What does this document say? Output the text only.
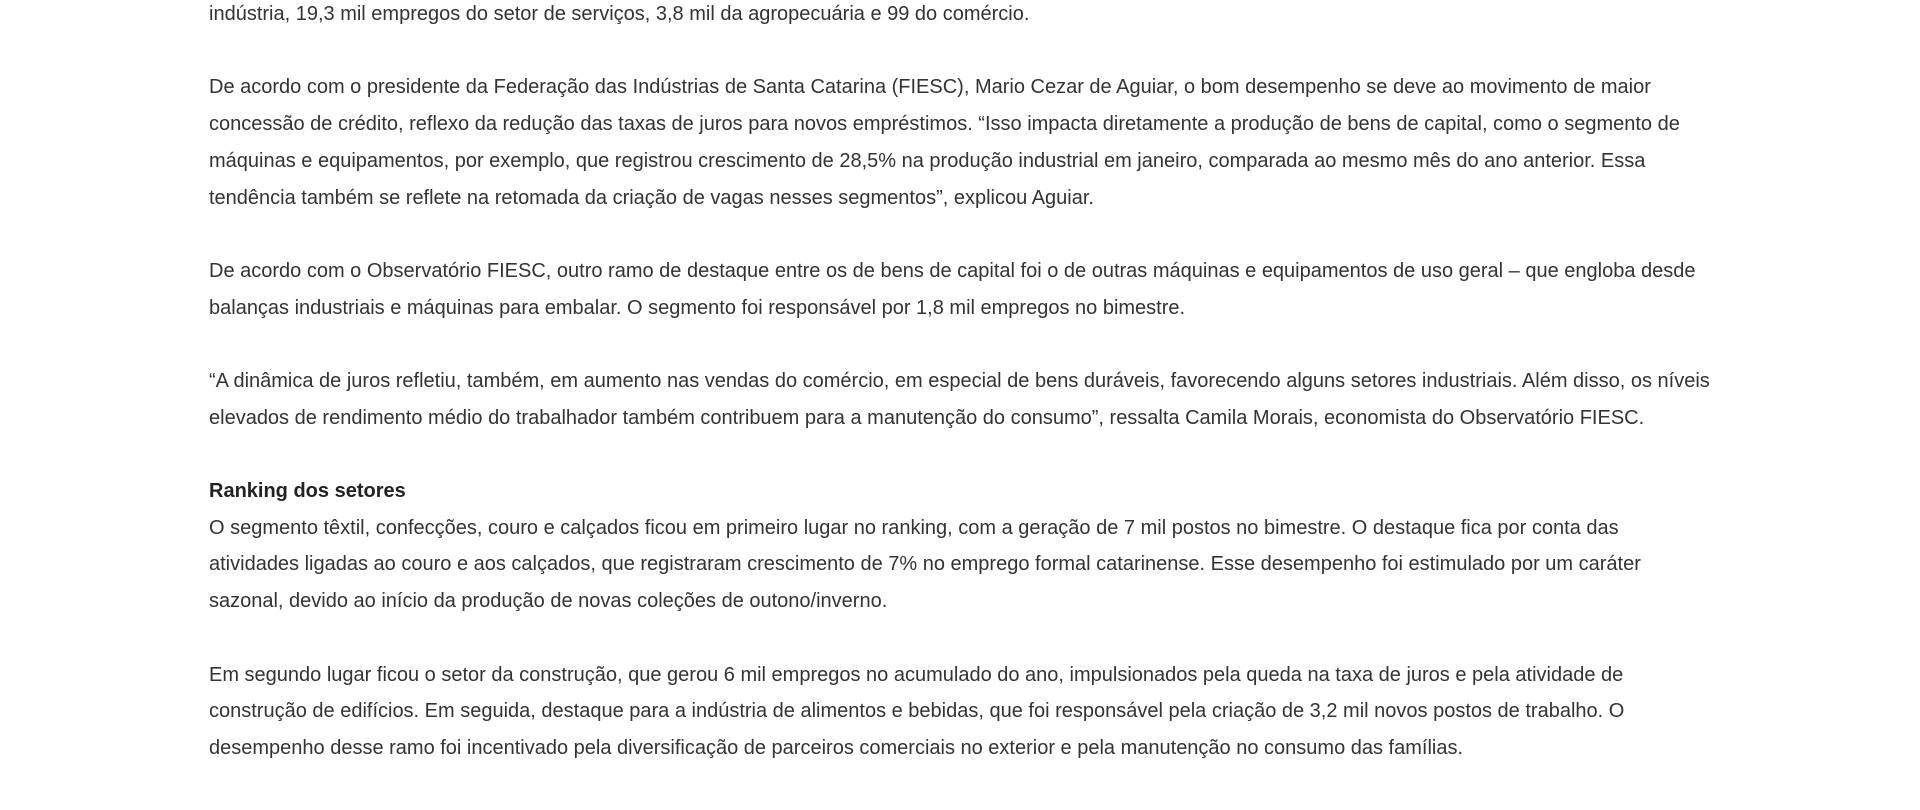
indústria, 19,3 mil empregos do setor de serviços, 3,8 mil da agropecuária e 99 do comércio.

De acordo com o presidente da Federação das Indústrias de Santa Catarina (FIESC), Mario Cezar de Aguiar, o bom desempenho se deve ao movimento de maior concessão de crédito, reflexo da redução das taxas de juros para novos empréstimos. “Isso impacta diretamente a produção de bens de capital, como o segmento de máquinas e equipamentos, por exemplo, que registrou crescimento de 28,5% na produção industrial em janeiro, comparada ao mesmo mês do ano anterior. Essa tendência também se reflete na retomada da criação de vagas nesses segmentos”, explicou Aguiar.

De acordo com o Observatório FIESC, outro ramo de destaque entre os de bens de capital foi o de outras máquinas e equipamentos de uso geral – que engloba desde balanças industriais e máquinas para embalar. O segmento foi responsável por 1,8 mil empregos no bimestre.

“A dinâmica de juros refletiu, também, em aumento nas vendas do comércio, em especial de bens duráveis, favorecendo alguns setores industriais. Além disso, os níveis elevados de rendimento médio do trabalhador também contribuem para a manutenção do consumo”, ressalta Camila Morais, economista do Observatório FIESC.

Ranking dos setores
O segmento têxtil, confecções, couro e calçados ficou em primeiro lugar no ranking, com a geração de 7 mil postos no bimestre. O destaque fica por conta das atividades ligadas ao couro e aos calçados, que registraram crescimento de 7% no emprego formal catarinense. Esse desempenho foi estimulado por um caráter sazonal, devido ao início da produção de novas coleções de outono/inverno.

Em segundo lugar ficou o setor da construção, que gerou 6 mil empregos no acumulado do ano, impulsionados pela queda na taxa de juros e pela atividade de construção de edifícios. Em seguida, destaque para a indústria de alimentos e bebidas, que foi responsável pela criação de 3,2 mil novos postos de trabalho. O desempenho desse ramo foi incentivado pela diversificação de parceiros comerciais no exterior e pela manutenção no consumo das famílias.
